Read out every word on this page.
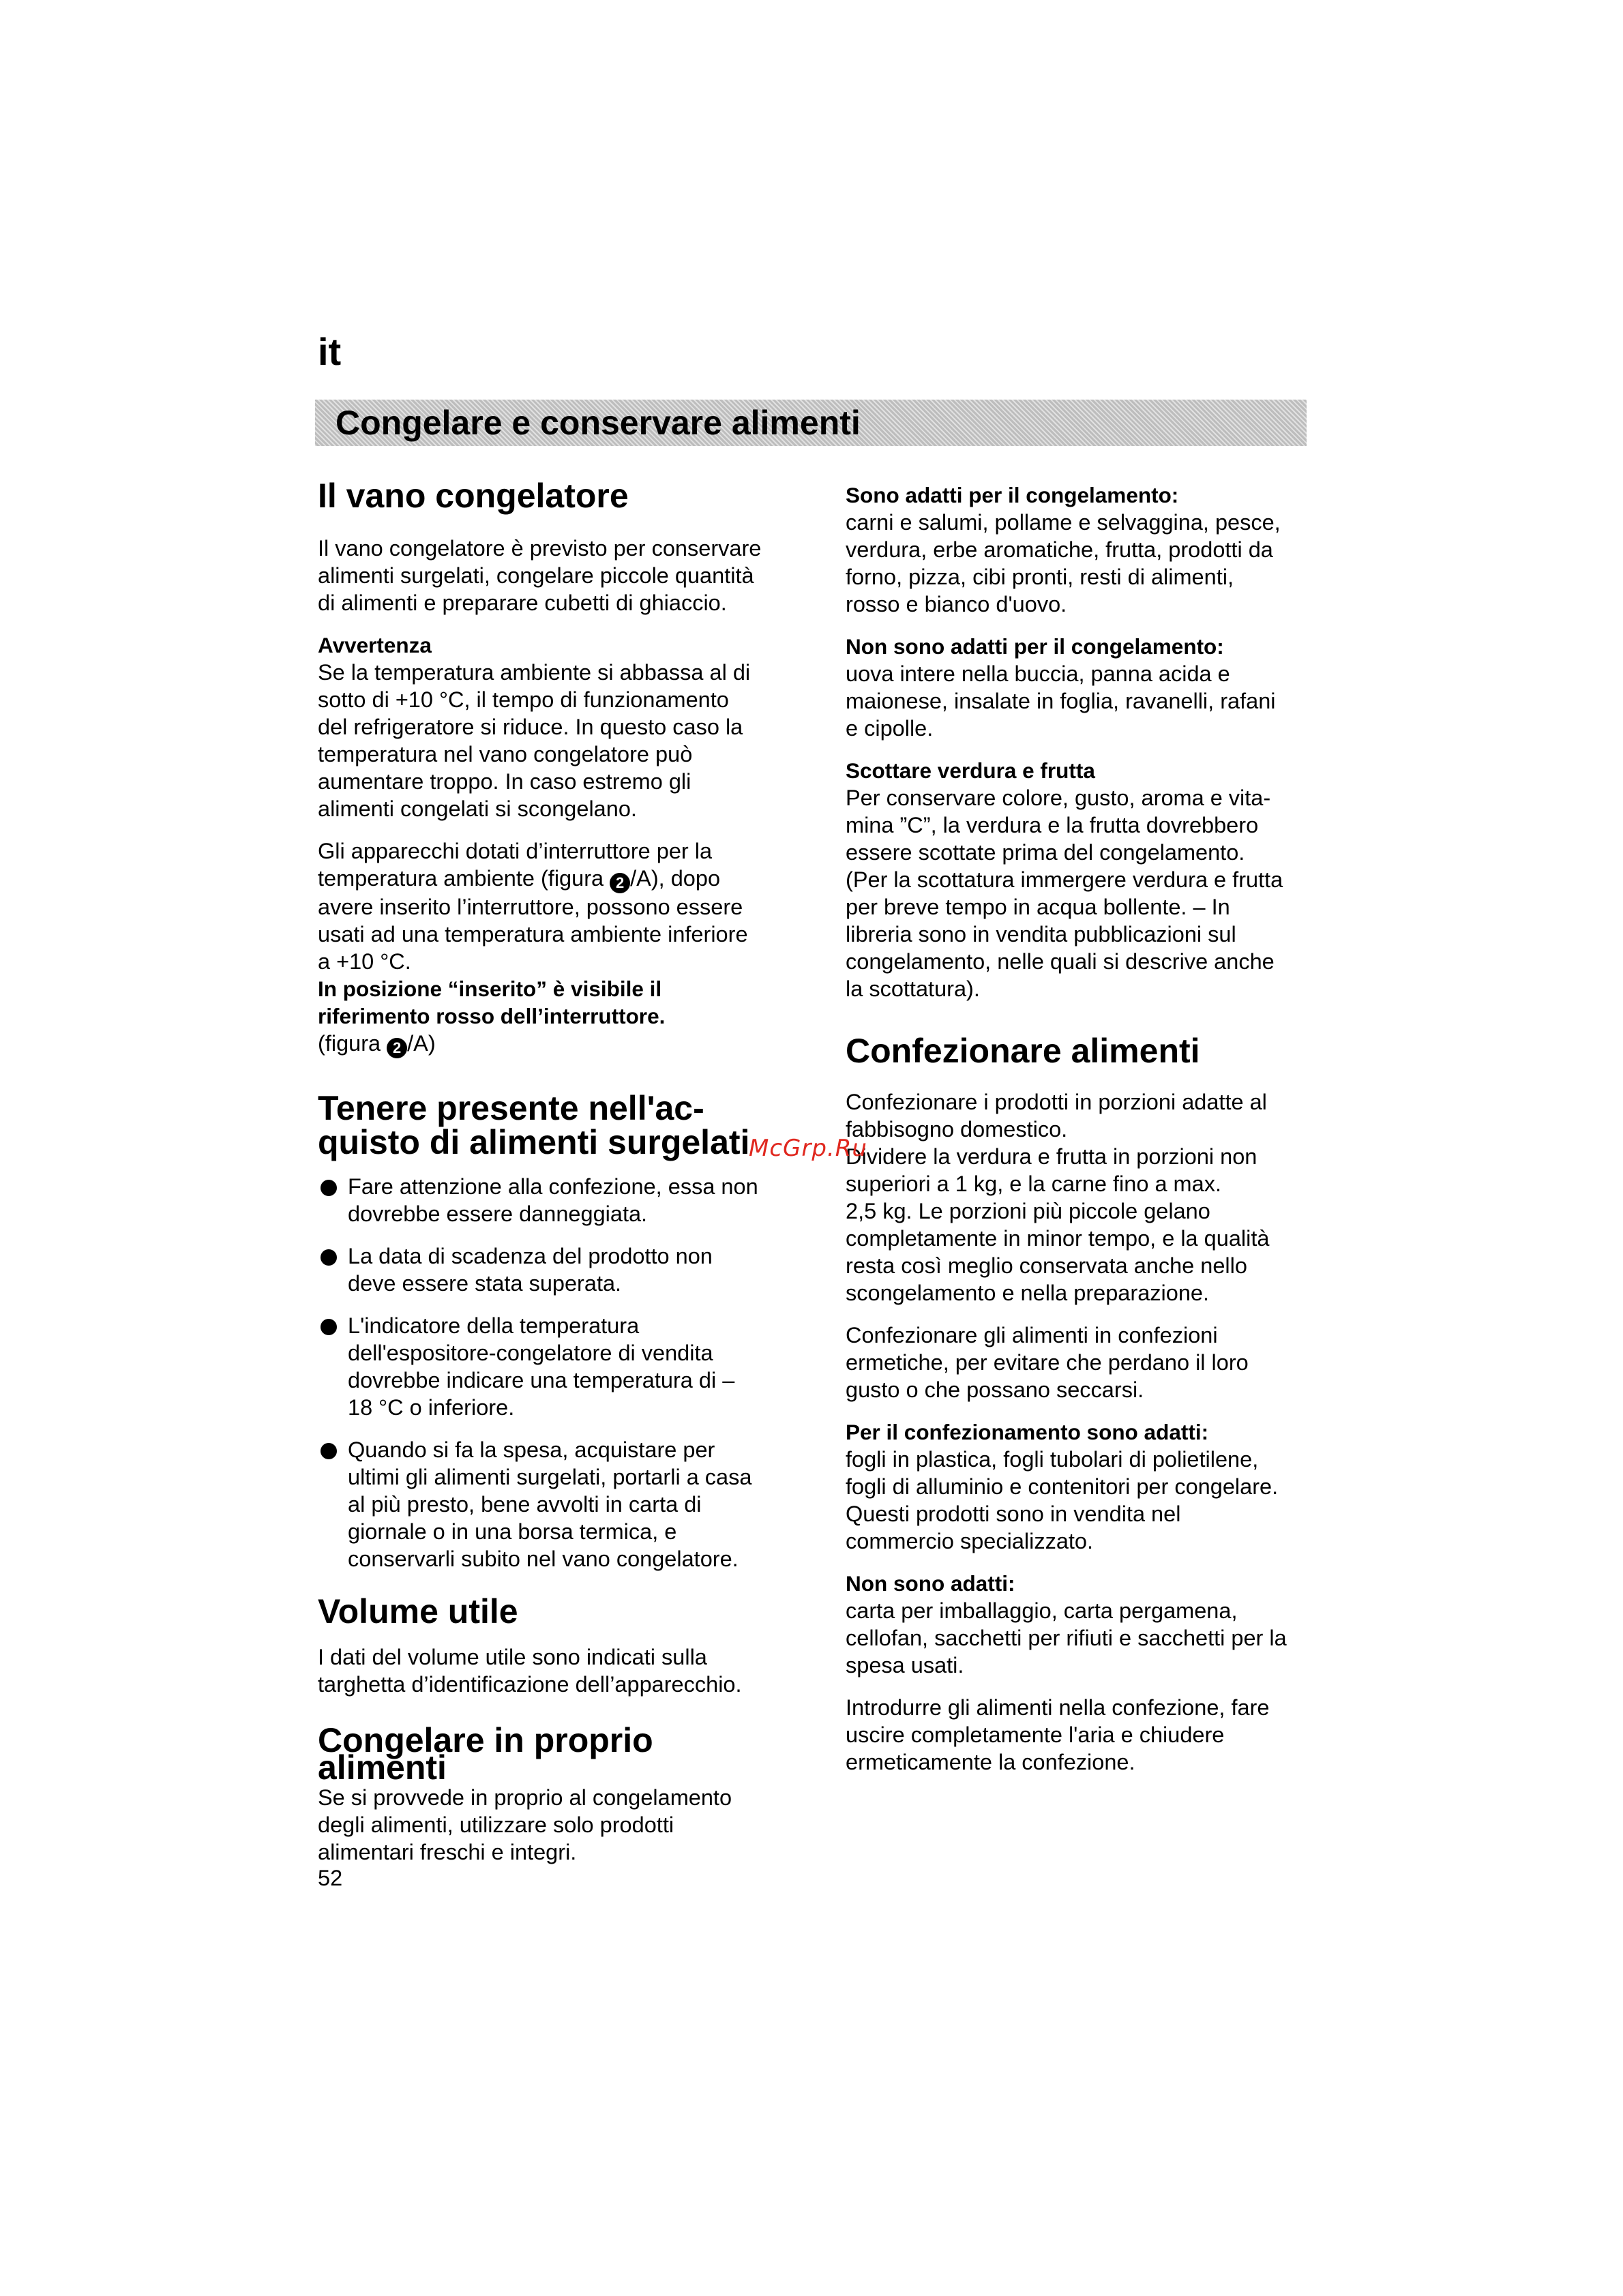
it
Congelare e conservare alimenti
Il vano congelatore

Il vano congelatore è previsto per conservare
alimenti surgelati, congelare piccole quantità
di alimenti e preparare cubetti di ghiaccio.

Avvertenza

Se la temperatura ambiente si abbassa al di
sotto di +10 °C, il tempo di funzionamento
del refrigeratore si riduce. In questo caso la
temperatura nel vano congelatore può
aumentare troppo. In caso estremo gli
alimenti congelati si scongelano.

Gli apparecchi dotati d’interruttore per la
temperatura ambiente (figura 2 /A), dopo
avere inserito l’interruttore, possono essere
usati ad una temperatura ambiente inferiore
a +10 °C.

In posizione “inserito” è visibile il
riferimento rosso dell’interruttore.

(figura 2 /A)

Tenere presente nell'ac-
quisto di alimenti surgelati
Fare attenzione alla confezione, essa non
dovrebbe essere danneggiata.
La data di scadenza del prodotto non
deve essere stata superata.
L'indicatore della temperatura
dell'espositore-congelatore di vendita
dovrebbe indicare una temperatura di –
18 °C o inferiore.
Quando si fa la spesa, acquistare per
ultimi gli alimenti surgelati, portarli a casa
al più presto, bene avvolti in carta di
giornale o in una borsa termica, e
conservarli subito nel vano congelatore.
Volume utile

I dati del volume utile sono indicati sulla
targhetta d’identificazione dell’apparecchio.

Congelare in proprio
alimenti

Se si provvede in proprio al congelamento
degli alimenti, utilizzare solo prodotti
alimentari freschi e integri.

Sono adatti per il congelamento:

carni e salumi, pollame e selvaggina, pesce,
verdura, erbe aromatiche, frutta, prodotti da
forno, pizza, cibi pronti, resti di alimenti,
rosso e bianco d'uovo.

Non sono adatti per il congelamento:

uova intere nella buccia, panna acida e
maionese, insalate in foglia, ravanelli, rafani
e cipolle.

Scottare verdura e frutta

Per conservare colore, gusto, aroma e vita-
mina ”C”, la verdura e la frutta dovrebbero
essere scottate prima del congelamento.
(Per la scottatura immergere verdura e frutta
per breve tempo in acqua bollente. – In
libreria sono in vendita pubblicazioni sul
congelamento, nelle quali si descrive anche
la scottatura).

Confezionare alimenti

Confezionare i prodotti in porzioni adatte al
fabbisogno domestico.
Dividere la verdura e frutta in porzioni non
superiori a 1 kg, e la carne fino a max.
2,5 kg. Le porzioni più piccole gelano
completamente in minor tempo, e la qualità
resta così meglio conservata anche nello
scongelamento e nella preparazione.

Confezionare gli alimenti in confezioni
ermetiche, per evitare che perdano il loro
gusto o che possano seccarsi.

Per il confezionamento sono adatti:

fogli in plastica, fogli tubolari di polietilene,
fogli di alluminio e contenitori per congelare.
Questi prodotti sono in vendita nel
commercio specializzato.

Non sono adatti:

carta per imballaggio, carta pergamena,
cellofan, sacchetti per rifiuti e sacchetti per la
spesa usati.

Introdurre gli alimenti nella confezione, fare
uscire completamente l'aria e chiudere
ermeticamente la confezione.

McGrp.Ru
52
